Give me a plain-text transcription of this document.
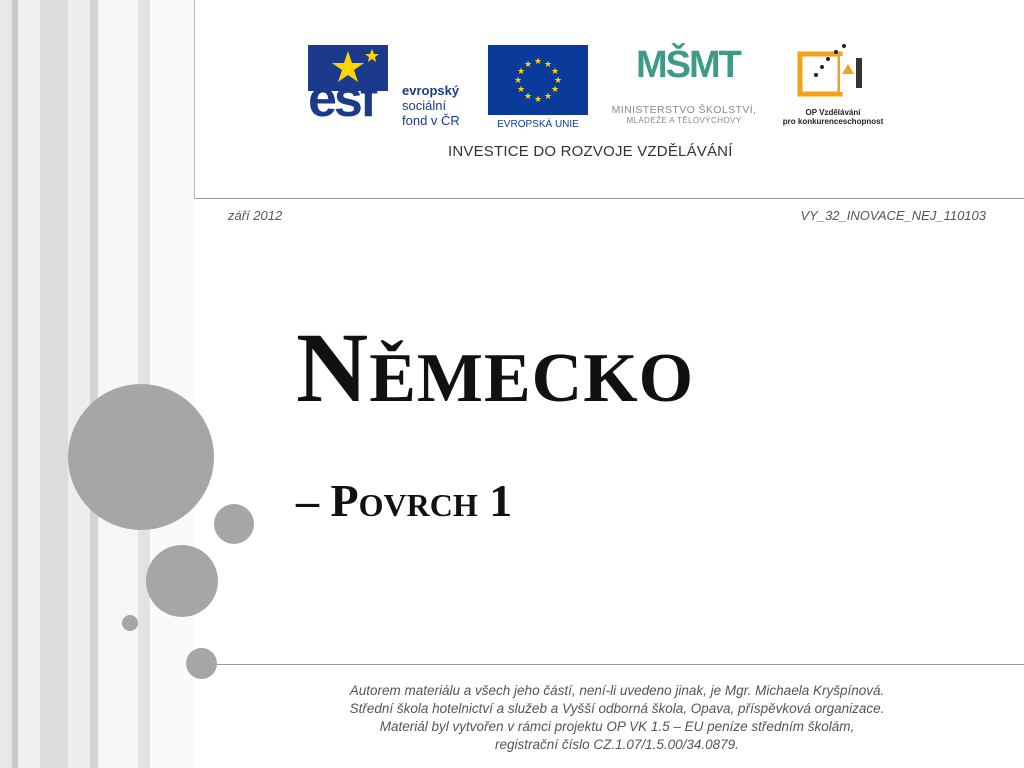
esf evropský
sociální
fond v ČR
★ ★
★
★
★
★
★
★
★
★
★
★
EVROPSKÁ UNIE
MŠMT
MINISTERSTVO ŠKOLSTVÍ,
MLÁDEŽE A TĚLOVÝCHOVY
OP Vzdělávání
pro konkurenceschopnost
INVESTICE DO ROZVOJE VZDĚLÁVÁNÍ
září 2012	VY_32_INOVACE_NEJ_110103
Německo
– Povrch 1
Autorem materiálu a všech jeho částí, není-li uvedeno jinak, je Mgr. Michaela Kryšpínová.
Střední škola hotelnictví a služeb a Vyšší odborná škola, Opava, příspěvková organizace.
Materiál byl vytvořen v rámci projektu OP VK 1.5 – EU peníze středním školám,
registrační číslo CZ.1.07/1.5.00/34.0879.
